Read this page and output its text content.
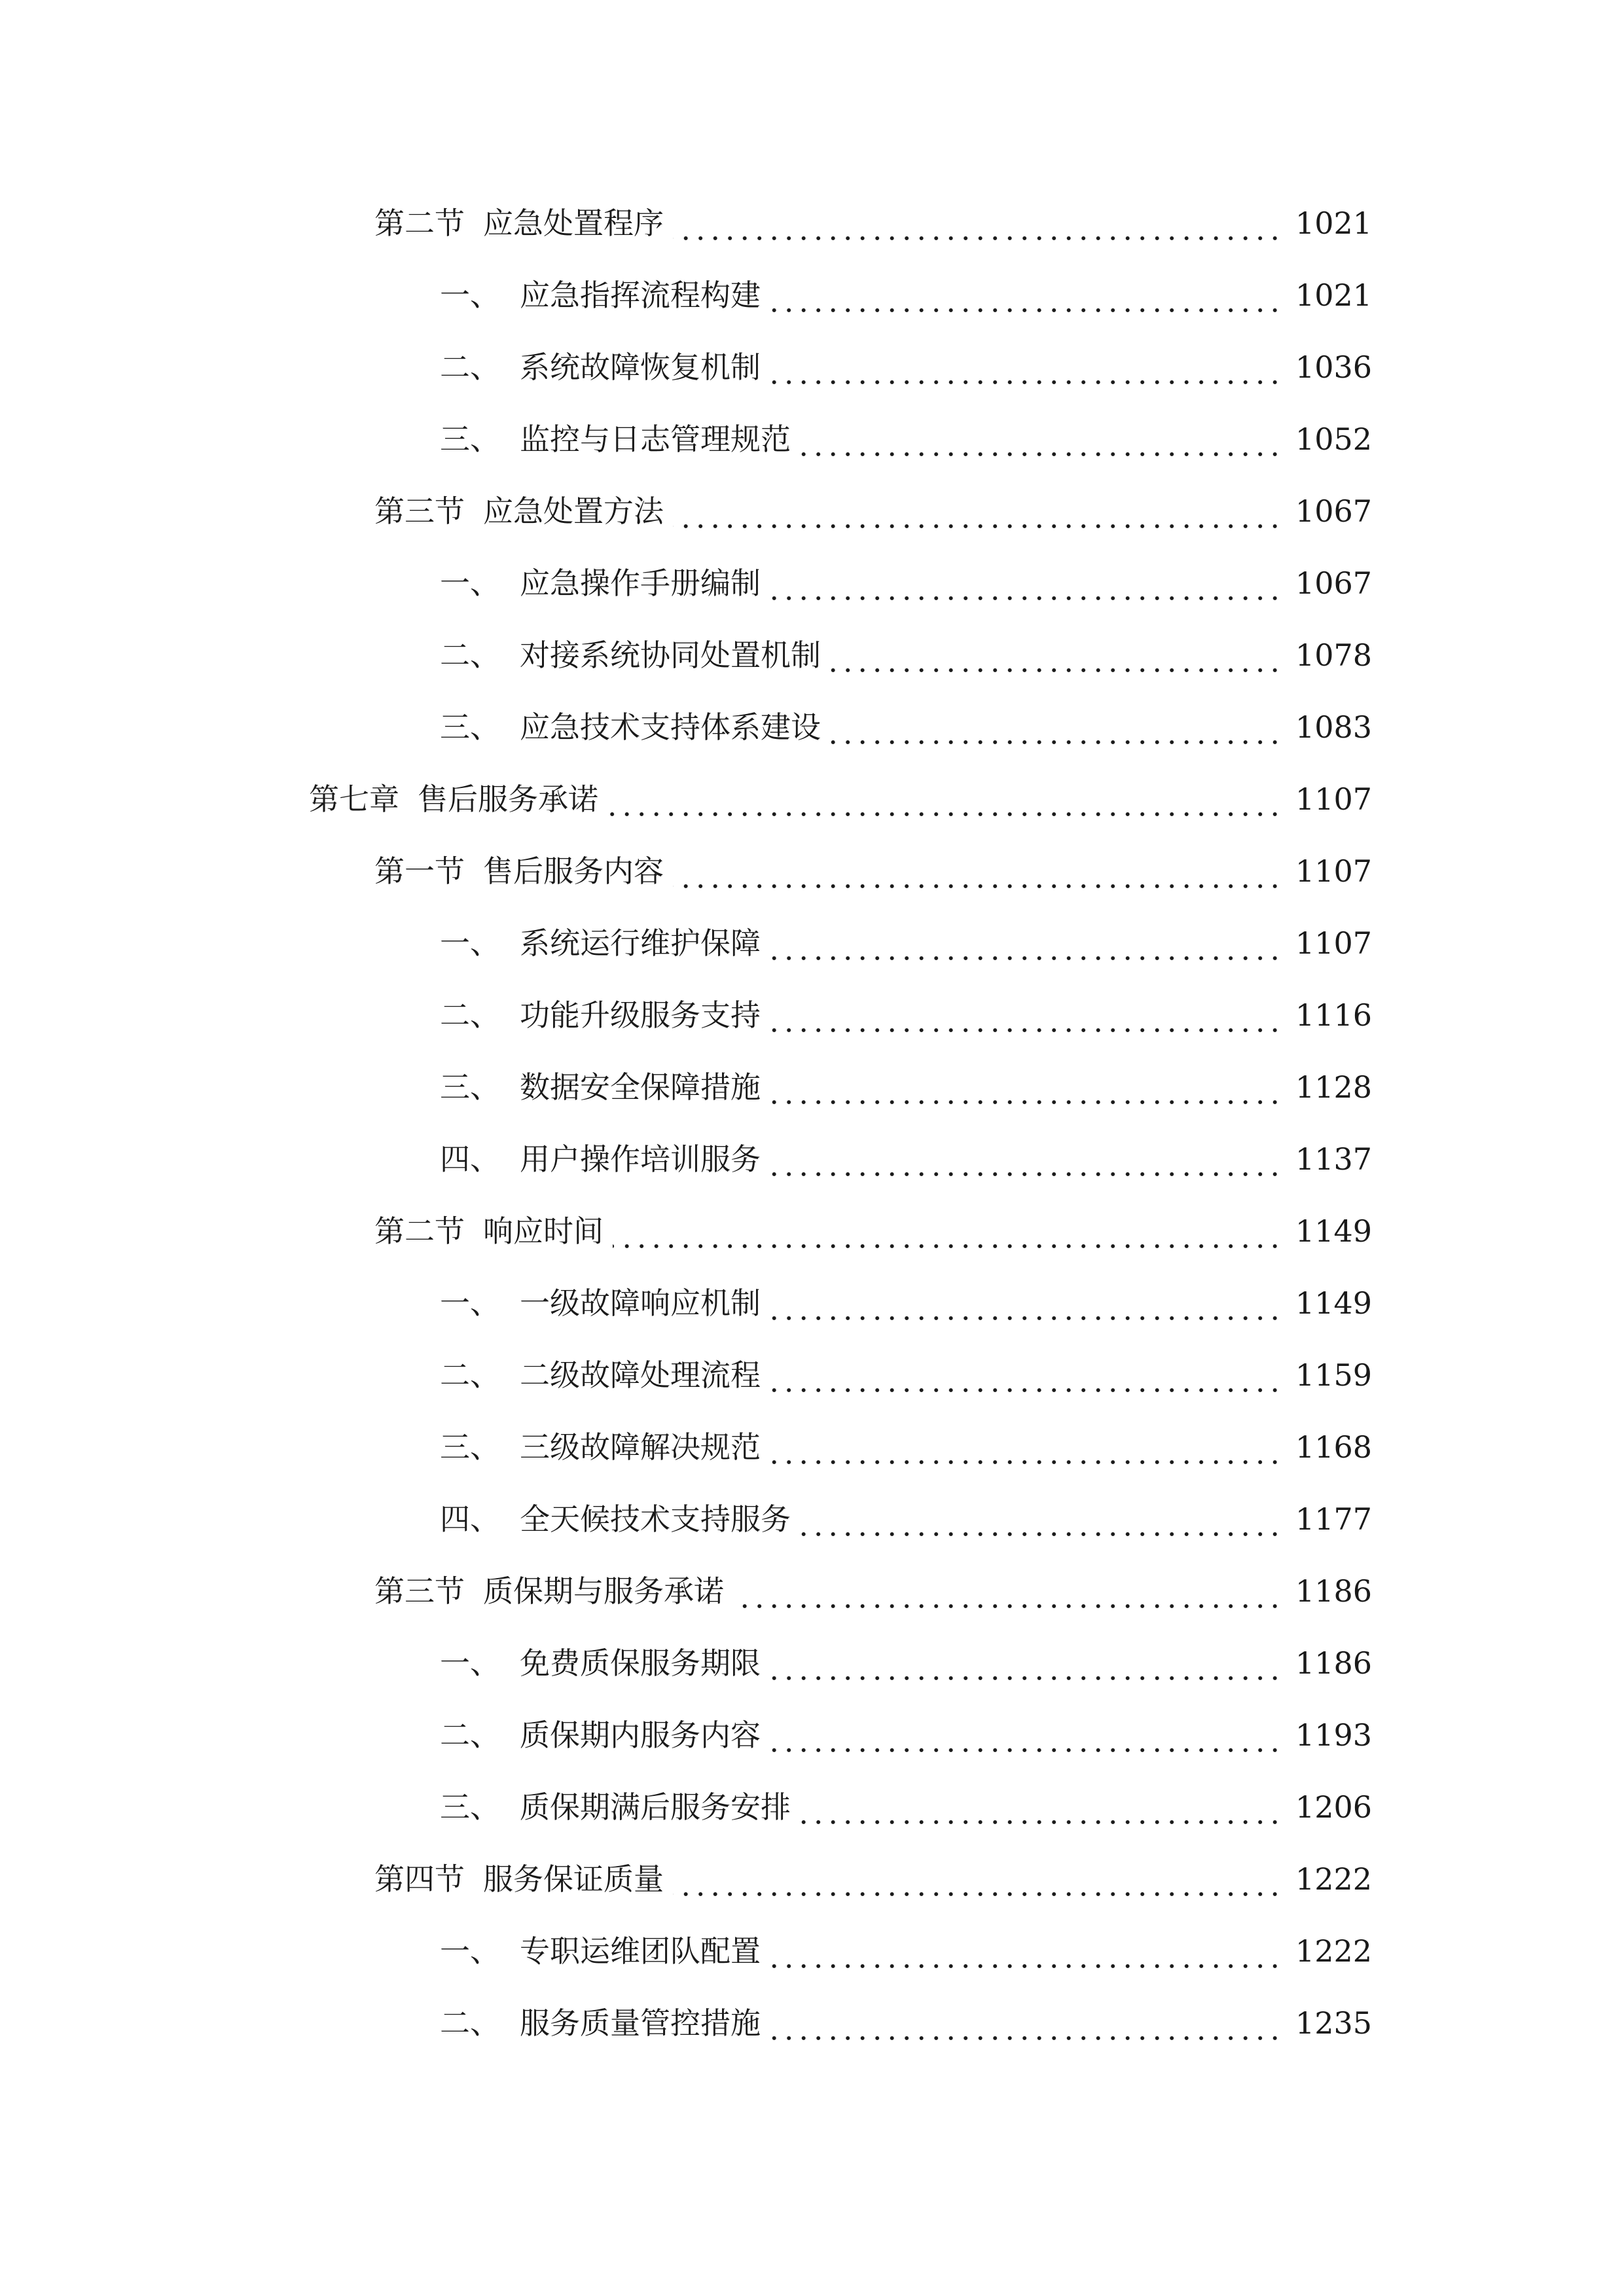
第二节 应急处置程序	1021
一、 应急指挥流程构建	1021
二、 系统故障恢复机制	1036
三、 监控与日志管理规范	1052
第三节 应急处置方法	1067
一、 应急操作手册编制	1067
二、 对接系统协同处置机制	1078
三、 应急技术支持体系建设	1083
第七章 售后服务承诺	1107
第一节 售后服务内容	1107
一、 系统运行维护保障	1107
二、 功能升级服务支持	1116
三、 数据安全保障措施	1128
四、 用户操作培训服务	1137
第二节 响应时间	1149
一、 一级故障响应机制	1149
二、 二级故障处理流程	1159
三、 三级故障解决规范	1168
四、 全天候技术支持服务	1177
第三节 质保期与服务承诺	1186
一、 免费质保服务期限	1186
二、 质保期内服务内容	1193
三、 质保期满后服务安排	1206
第四节 服务保证质量	1222
一、 专职运维团队配置	1222
二、 服务质量管控措施	1235
